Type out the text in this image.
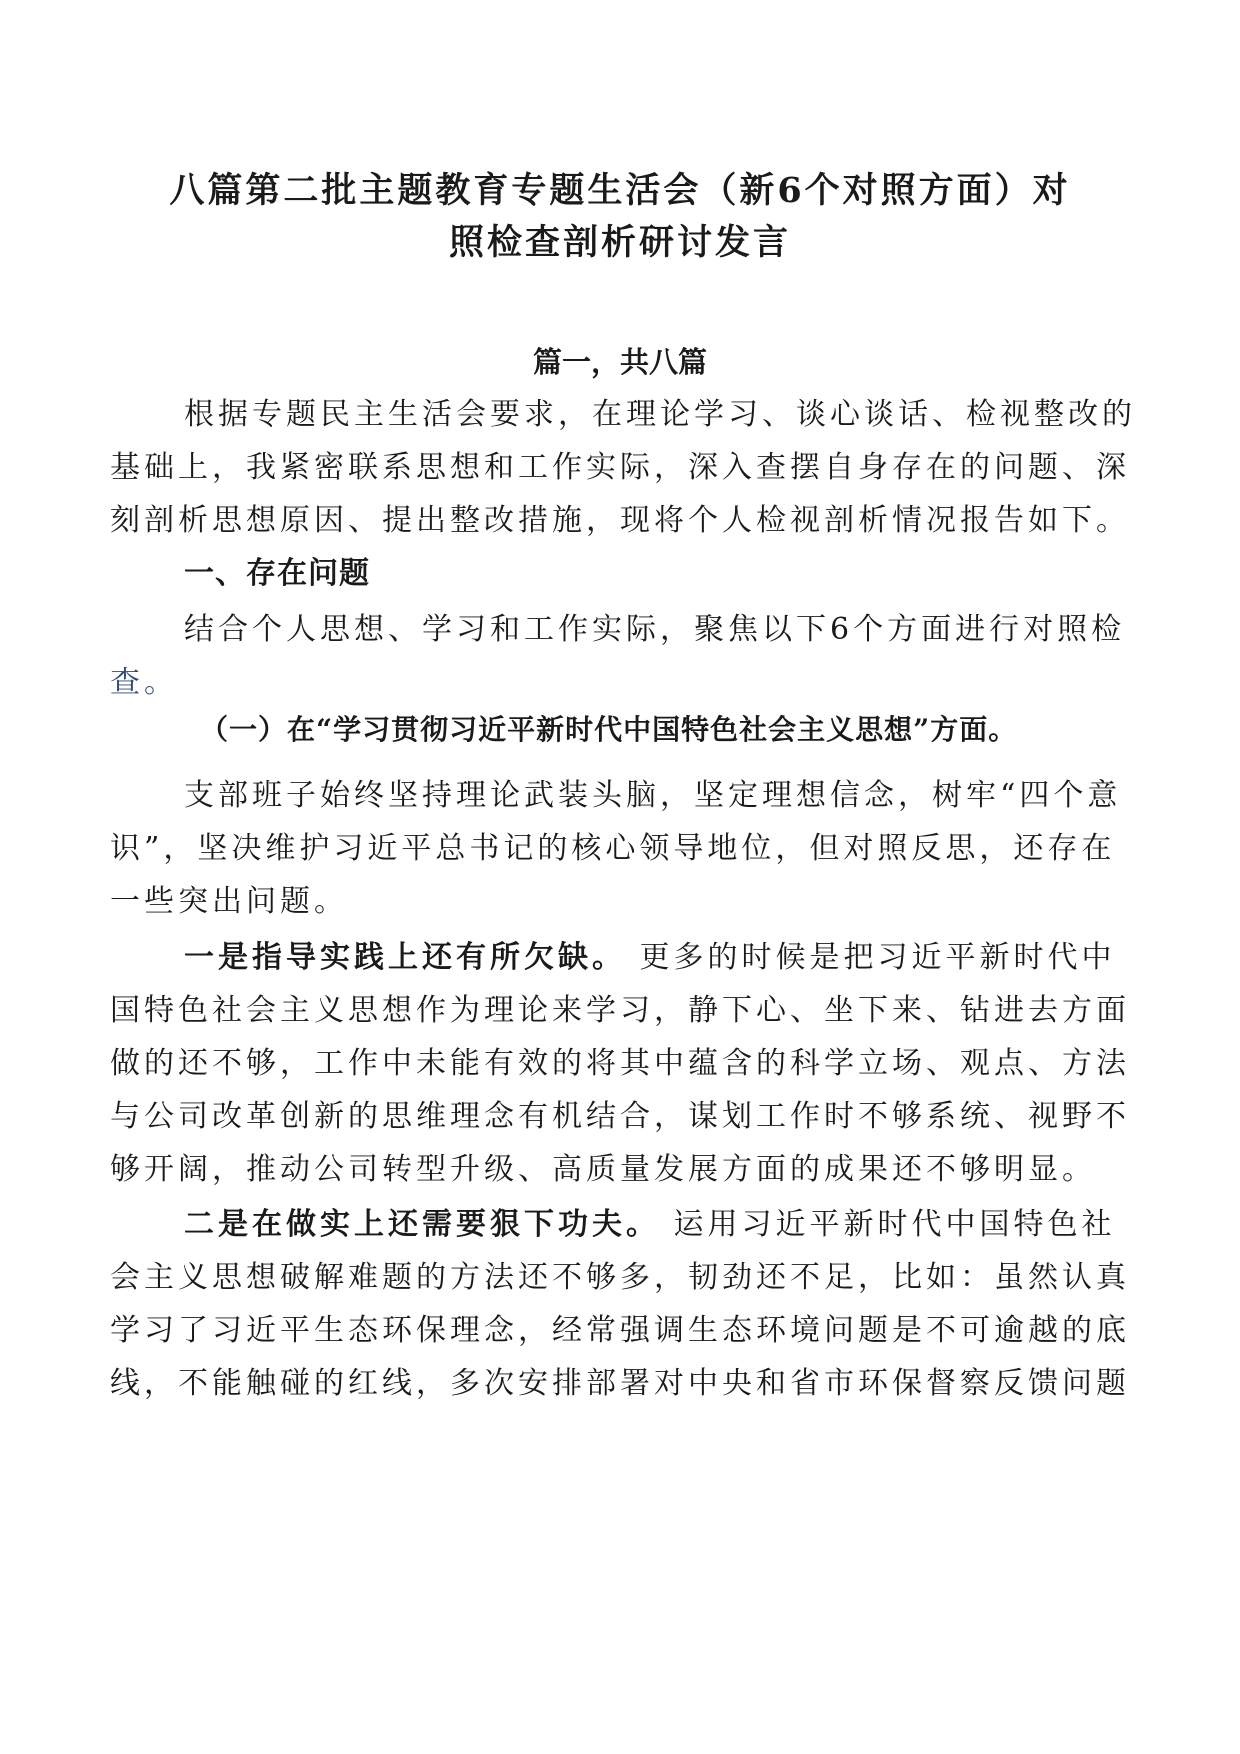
八篇第二批主题教育专题生活会（新6个对照方面）对
照检查剖析研讨发言
篇一，共八篇
根据专题民主生活会要求，在理论学习、谈心谈话、检视整改的
基础上，我紧密联系思想和工作实际，深入查摆自身存在的问题、深
刻剖析思想原因、提出整改措施，现将个人检视剖析情况报告如下。
一、存在问题
结合个人思想、学习和工作实际，聚焦以下6个方面进行对照检
查。
（一）在“学习贯彻习近平新时代中国特色社会主义思想”方面。
支部班子始终坚持理论武装头脑，坚定理想信念，树牢“四个意
识”，坚决维护习近平总书记的核心领导地位，但对照反思，还存在
一些突出问题。
一是指导实践上还有所欠缺。 更多的时候是把习近平新时代中
国特色社会主义思想作为理论来学习，静下心、坐下来、钻进去方面
做的还不够，工作中未能有效的将其中蕴含的科学立场、观点、方法
与公司改革创新的思维理念有机结合，谋划工作时不够系统、视野不
够开阔，推动公司转型升级、高质量发展方面的成果还不够明显。
二是在做实上还需要狠下功夫。 运用习近平新时代中国特色社
会主义思想破解难题的方法还不够多，韧劲还不足，比如：虽然认真
学习了习近平生态环保理念，经常强调生态环境问题是不可逾越的底
线，不能触碰的红线，多次安排部署对中央和省市环保督察反馈问题
